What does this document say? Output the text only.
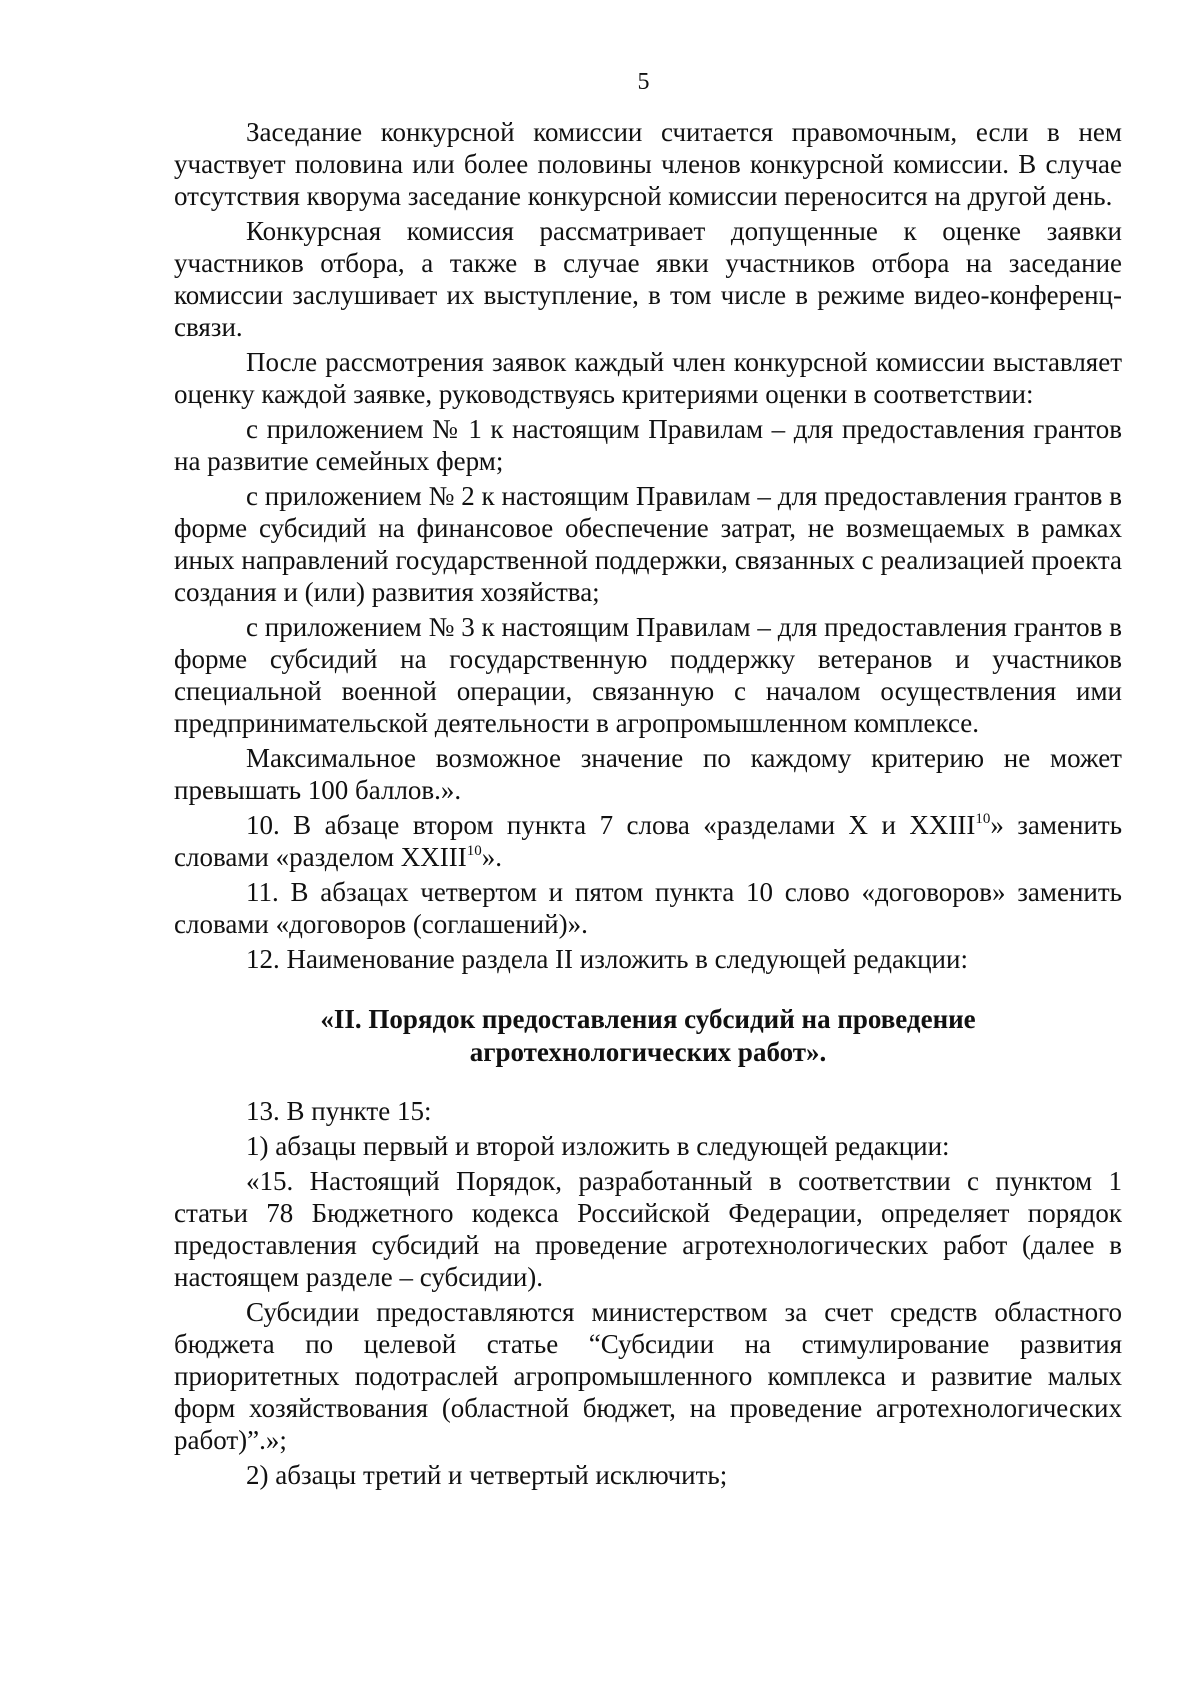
5

Заседание конкурсной комиссии считается правомочным, если в нем участвует половина или более половины членов конкурсной комиссии. В случае отсутствия кворума заседание конкурсной комиссии переносится на другой день.

Конкурсная комиссия рассматривает допущенные к оценке заявки участников отбора, а также в случае явки участников отбора на заседание комиссии заслушивает их выступление, в том числе в режиме видео-конференц-связи.

После рассмотрения заявок каждый член конкурсной комиссии выставляет оценку каждой заявке, руководствуясь критериями оценки в соответствии:

с приложением № 1 к настоящим Правилам – для предоставления грантов на развитие семейных ферм;

с приложением № 2 к настоящим Правилам – для предоставления грантов в форме субсидий на финансовое обеспечение затрат, не возмещаемых в рамках иных направлений государственной поддержки, связанных с реализацией проекта создания и (или) развития хозяйства;

с приложением № 3 к настоящим Правилам – для предоставления грантов в форме субсидий на государственную поддержку ветеранов и участников специальной военной операции, связанную с началом осуществления ими предпринимательской деятельности в агропромышленном комплексе.

Максимальное возможное значение по каждому критерию не может превышать 100 баллов.».

10. В абзаце втором пункта 7 слова «разделами X и XXIII$^{10}$» заменить словами «разделом XXIII$^{10}$».

11. В абзацах четвертом и пятом пункта 10 слово «договоров» заменить словами «договоров (соглашений)».

12. Наименование раздела II изложить в следующей редакции:

«II. Порядок предоставления субсидий на проведение
агротехнологических работ».

13. В пункте 15:

1) абзацы первый и второй изложить в следующей редакции:

«15. Настоящий Порядок, разработанный в соответствии с пунктом 1 статьи 78 Бюджетного кодекса Российской Федерации, определяет порядок предоставления субсидий на проведение агротехнологических работ (далее в настоящем разделе – субсидии).

Субсидии предоставляются министерством за счет средств областного бюджета по целевой статье “Субсидии на стимулирование развития приоритетных подотраслей агропромышленного комплекса и развитие малых форм хозяйствования (областной бюджет, на проведение агротехнологических работ)”.»;

2) абзацы третий и четвертый исключить;
